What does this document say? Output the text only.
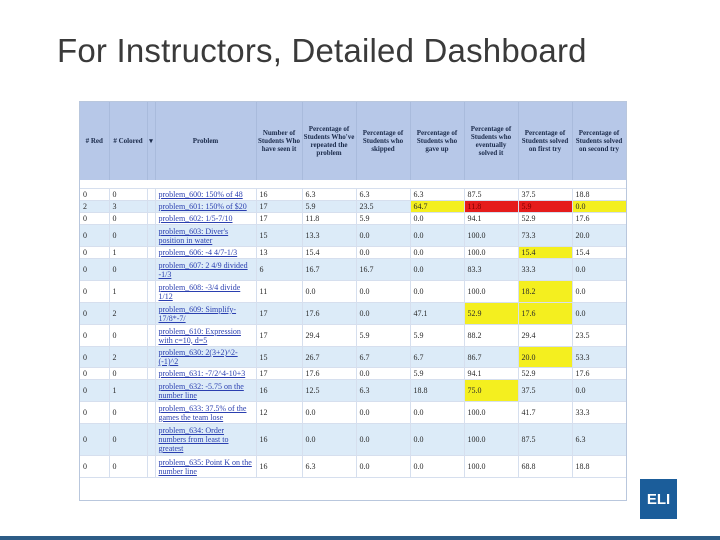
For Instructors, Detailed Dashboard
# Red	# Colored	▾	Problem	Number of Students Who have seen it	Percentage of Students Who've repeated the problem	Percentage of Students who skipped	Percentage of Students who gave up	Percentage of Students who eventually solved it	Percentage of Students solved on first try	Percentage of Students solved on second try

0	0		problem_600: 150% of 48	16	6.3	6.3	6.3	87.5	37.5	18.8
2	3		problem_601: 150% of $20	17	5.9	23.5	64.7	11.8	5.9	0.0
0	0		problem_602: 1/5-7/10	17	11.8	5.9	0.0	94.1	52.9	17.6
0	0		problem_603: Diver's position in water	15	13.3	0.0	0.0	100.0	73.3	20.0
0	1		problem_606: -4 4/7-1/3	13	15.4	0.0	0.0	100.0	15.4	15.4
0	0		problem_607: 2 4/9 divided -1/3	6	16.7	16.7	0.0	83.3	33.3	0.0
0	1		problem_608: -3/4 divide 1/12	11	0.0	0.0	0.0	100.0	18.2	0.0
0	2		problem_609: Simplify-17/8*-7/	17	17.6	0.0	47.1	52.9	17.6	0.0
0	0		problem_610: Expression with c=10, d=5	17	29.4	5.9	5.9	88.2	29.4	23.5
0	2		problem_630: 2(3+2)^2-(-1)^2	15	26.7	6.7	6.7	86.7	20.0	53.3
0	0		problem_631: -7/2^4-10+3	17	17.6	0.0	5.9	94.1	52.9	17.6
0	1		problem_632: -5.75 on the number line	16	12.5	6.3	18.8	75.0	37.5	0.0
0	0		problem_633: 37.5% of the games the team lose	12	0.0	0.0	0.0	100.0	41.7	33.3
0	0		problem_634: Order numbers from least to greatest	16	0.0	0.0	0.0	100.0	87.5	6.3
0	0		problem_635: Point K on the number line	16	6.3	0.0	0.0	100.0	68.8	18.8
ELI
